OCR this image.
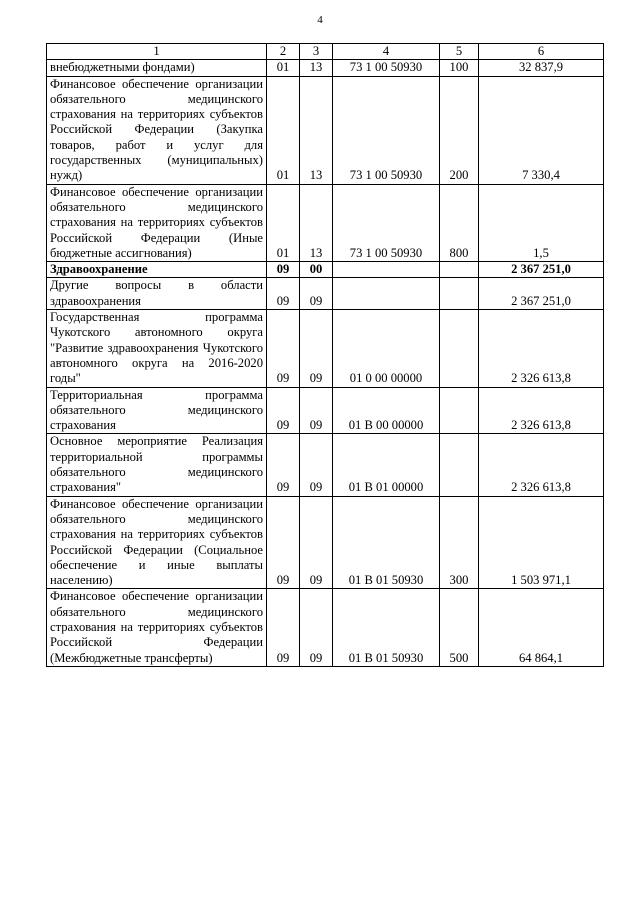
4
1	2	3	4	5	6
внебюджетными фондами)	01	13	73 1 00 50930	100	32 837,9
Финансовое обеспечение организации обязательного медицинского страхования на территориях субъектов Российской Федерации (Закупка товаров, работ и услуг для государственных (муниципальных) нужд)	01	13	73 1 00 50930	200	7 330,4
Финансовое обеспечение организации обязательного медицинского страхования на территориях субъектов Российской Федерации (Иные бюджетные ассигнования)	01	13	73 1 00 50930	800	1,5
Здравоохранение	09	00			2 367 251,0
Другие вопросы в области здравоохранения	09	09			2 367 251,0
Государственная программа Чукотского автономного округа "Развитие здравоохранения Чукотского автономного округа на 2016-2020 годы"	09	09	01 0 00 00000		2 326 613,8
Территориальная программа обязательного медицинского страхования	09	09	01 В 00 00000		2 326 613,8
Основное мероприятие Реализация территориальной программы обязательного медицинского страхования"	09	09	01 В 01 00000		2 326 613,8
Финансовое обеспечение организации обязательного медицинского страхования на территориях субъектов Российской Федерации (Социальное обеспечение и иные выплаты населению)	09	09	01 В 01 50930	300	1 503 971,1
Финансовое обеспечение организации обязательного медицинского страхования на территориях субъектов Российской Федерации (Межбюджетные трансферты)	09	09	01 В 01 50930	500	64 864,1
